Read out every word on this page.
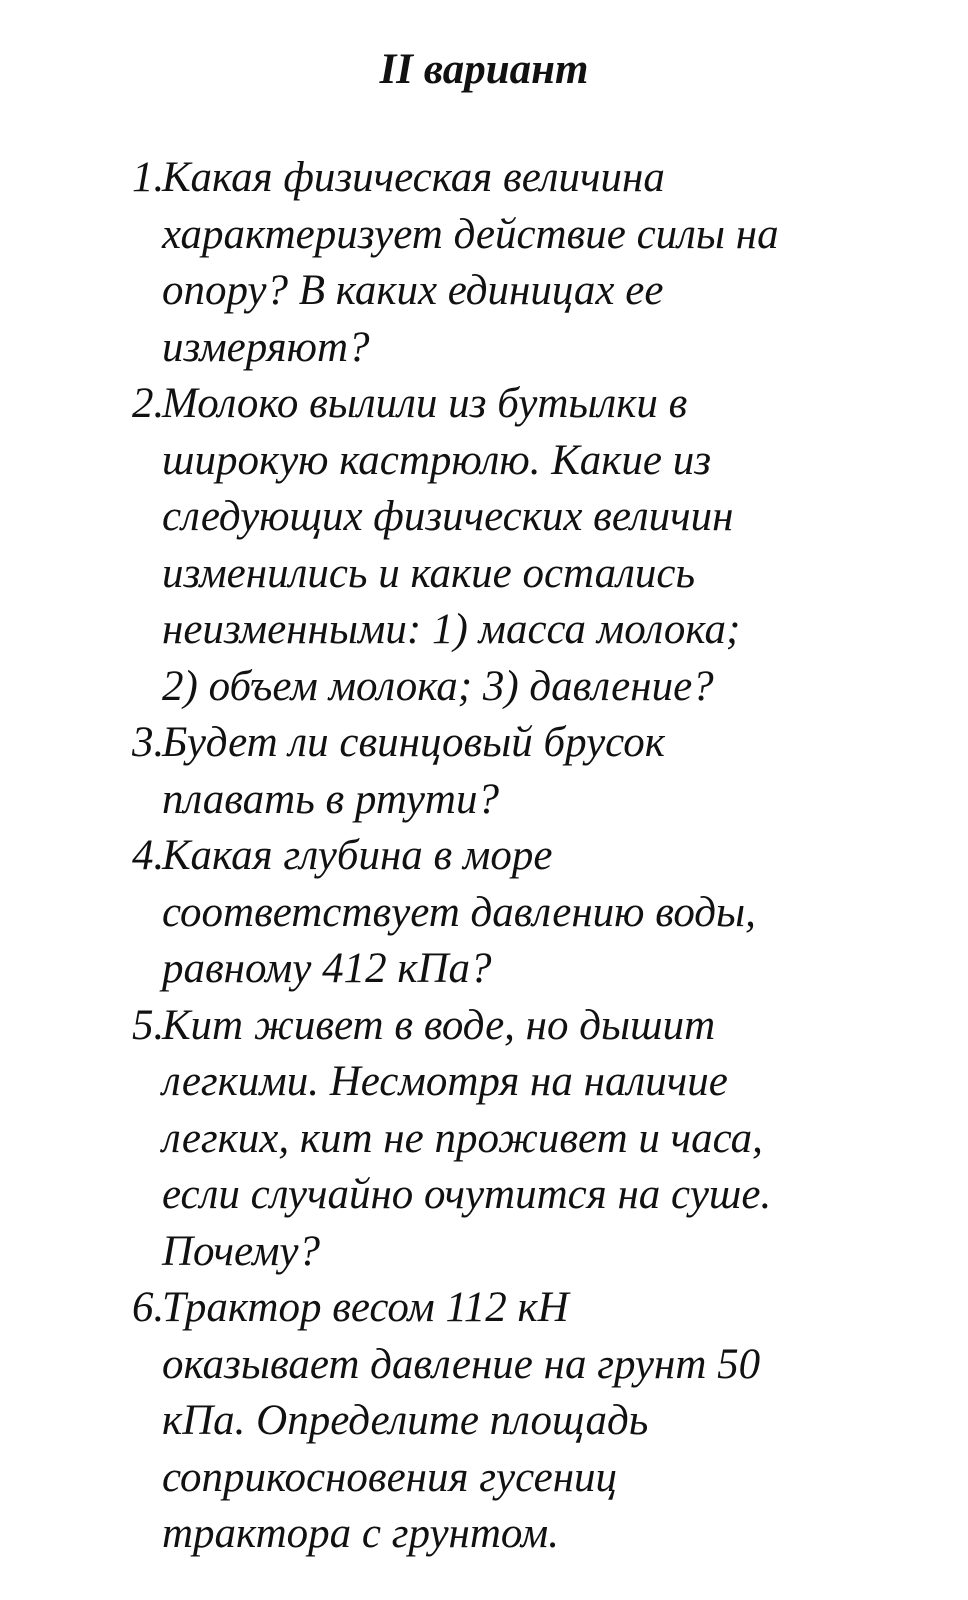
II вариант
1.
Какая физическая величина
характеризует действие силы на
опору? В каких единицах ее
измеряют?
2.
Молоко вылили из бутылки в
широкую кастрюлю. Какие из
следующих физических величин
изменились и какие остались
неизменными: 1) масса молока;
2) объем молока; 3) давление?
3.
Будет ли свинцовый брусок
плавать в ртути?
4.
Какая глубина в море
соответствует давлению воды,
равному 412 кПа?
5.
Кит живет в воде, но дышит
легкими. Несмотря на наличие
легких, кит не проживет и часа,
если случайно очутится на суше.
Почему?
6.
Трактор весом 112 кН
оказывает давление на грунт 50
кПа. Определите площадь
соприкосновения гусениц
трактора с грунтом.
